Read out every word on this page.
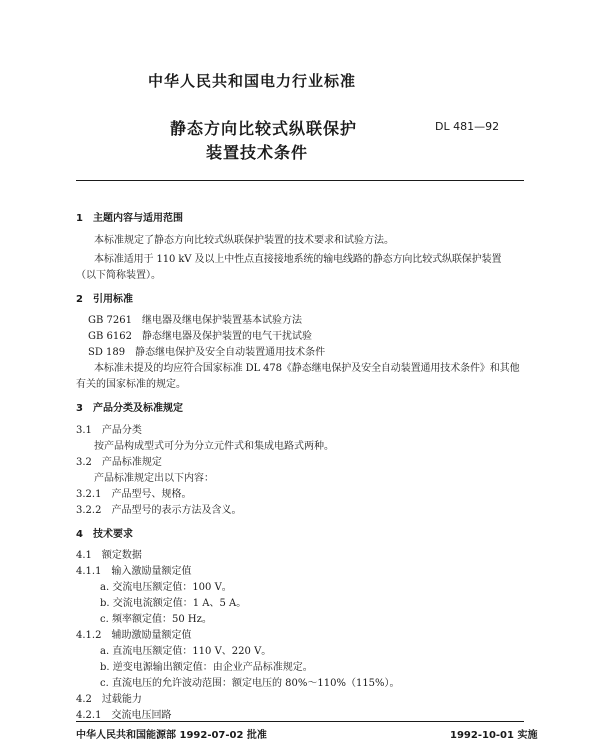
中华人民共和国电力行业标准
静态方向比较式纵联保护
装置技术条件
DL 481—92
1　主题内容与适用范围
本标准规定了静态方向比较式纵联保护装置的技术要求和试验方法。
本标准适用于 110 kV 及以上中性点直接接地系统的输电线路的静态方向比较式纵联保护装置
（以下简称装置）。
2　引用标准
GB 7261　继电器及继电保护装置基本试验方法
GB 6162　静态继电器及保护装置的电气干扰试验
SD 189　静态继电保护及安全自动装置通用技术条件
本标准未提及的均应符合国家标准 DL 478《静态继电保护及安全自动装置通用技术条件》和其他
有关的国家标准的规定。
3　产品分类及标准规定
3.1　产品分类
按产品构成型式可分为分立元件式和集成电路式两种。
3.2　产品标准规定
产品标准规定出以下内容：
3.2.1　产品型号、规格。
3.2.2　产品型号的表示方法及含义。
4　技术要求
4.1　额定数据
4.1.1　输入激励量额定值
a. 交流电压额定值：100 V。
b. 交流电流额定值：1 A、5 A。
c. 频率额定值：50 Hz。
4.1.2　辅助激励量额定值
a. 直流电压额定值：110 V、220 V。
b. 逆变电源输出额定值：由企业产品标准规定。
c. 直流电压的允许波动范围：额定电压的 80%～110%（115%）。
4.2　过载能力
4.2.1　交流电压回路
中华人民共和国能源部 1992-07-02 批准	1992-10-01 实施
